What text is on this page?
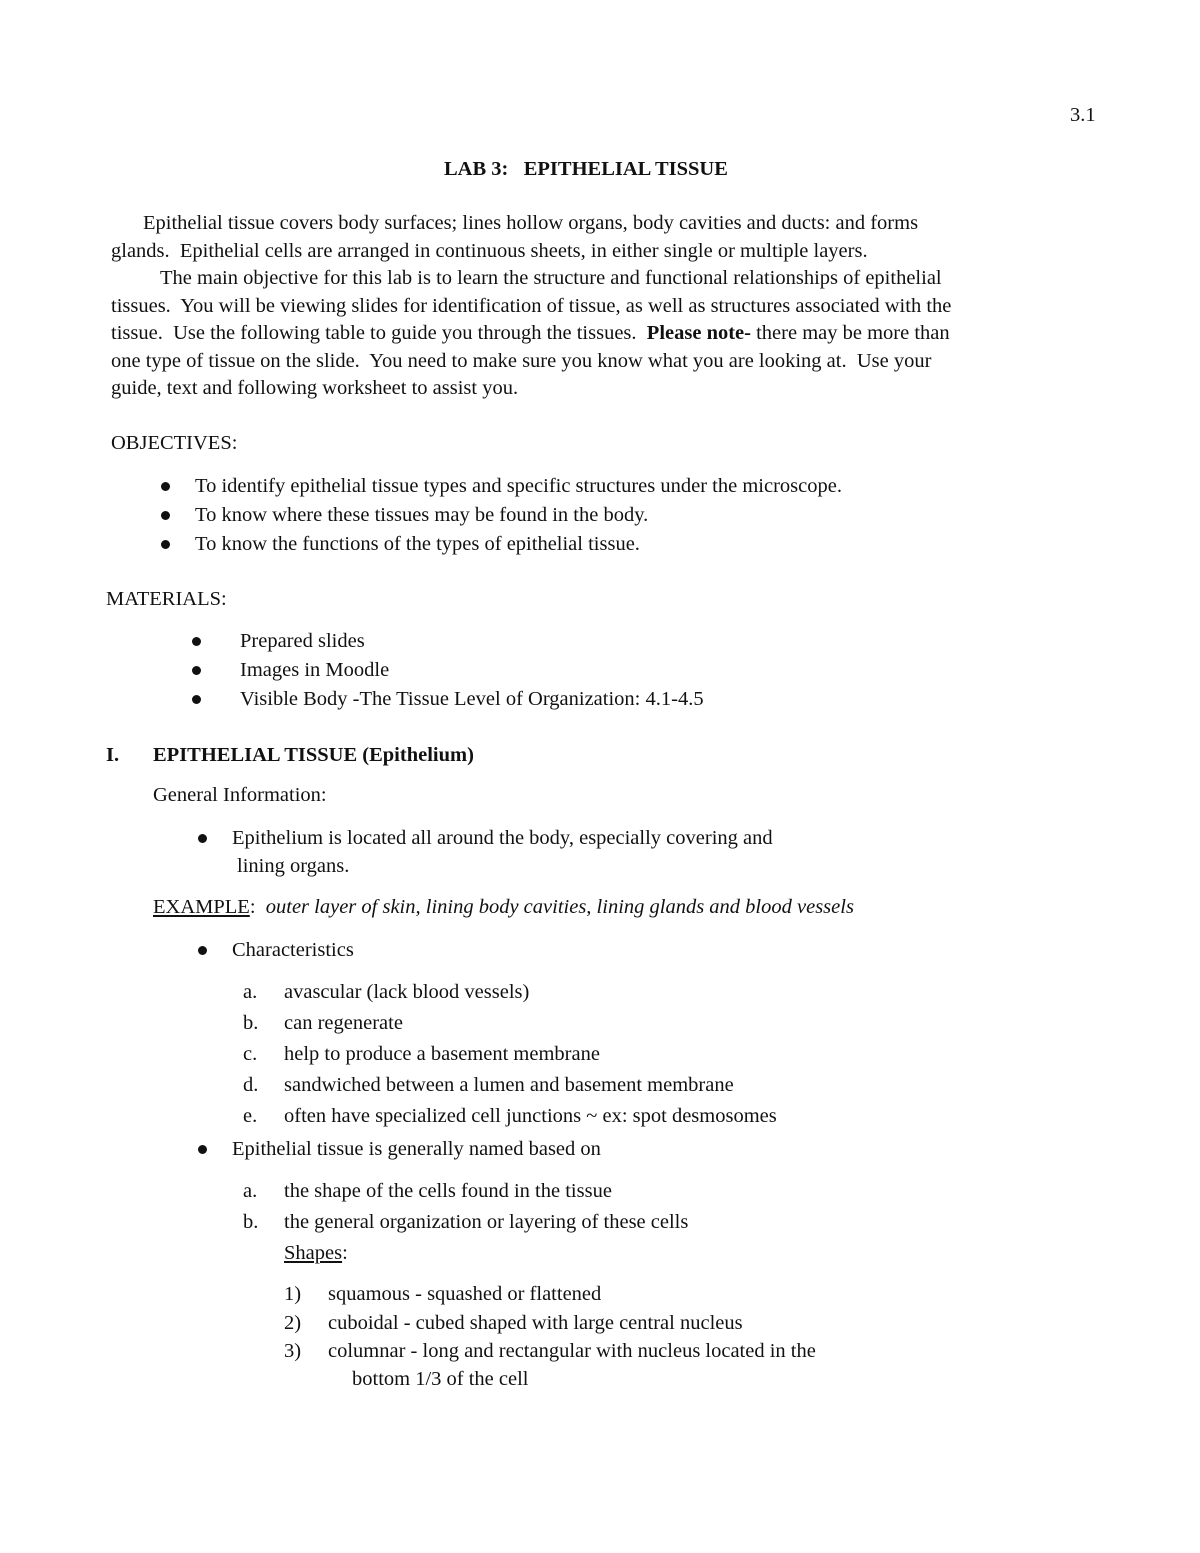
3.1
LAB 3:   EPITHELIAL TISSUE
Epithelial tissue covers body surfaces; lines hollow organs, body cavities and ducts: and forms
glands.  Epithelial cells are arranged in continuous sheets, in either single or multiple layers.
The main objective for this lab is to learn the structure and functional relationships of epithelial
tissues.  You will be viewing slides for identification of tissue, as well as structures associated with the
tissue.  Use the following table to guide you through the tissues.  Please note- there may be more than
one type of tissue on the slide.  You need to make sure you know what you are looking at.  Use your
guide, text and following worksheet to assist you.
OBJECTIVES:
To identify epithelial tissue types and specific structures under the microscope.
To know where these tissues may be found in the body.
To know the functions of the types of epithelial tissue.
MATERIALS:
Prepared slides
Images in Moodle
Visible Body -The Tissue Level of Organization: 4.1-4.5
I. EPITHELIAL TISSUE (Epithelium)
General Information:
Epithelium is located all around the body, especially covering and
lining organs.
EXAMPLE: outer layer of skin, lining body cavities, lining glands and blood vessels
Characteristics
a. avascular (lack blood vessels)
b. can regenerate
c. help to produce a basement membrane
d. sandwiched between a lumen and basement membrane
e. often have specialized cell junctions ~ ex: spot desmosomes
Epithelial tissue is generally named based on
a. the shape of the cells found in the tissue
b. the general organization or layering of these cells
Shapes:
1) squamous - squashed or flattened
2) cuboidal - cubed shaped with large central nucleus
3) columnar - long and rectangular with nucleus located in the
bottom 1/3 of the cell
